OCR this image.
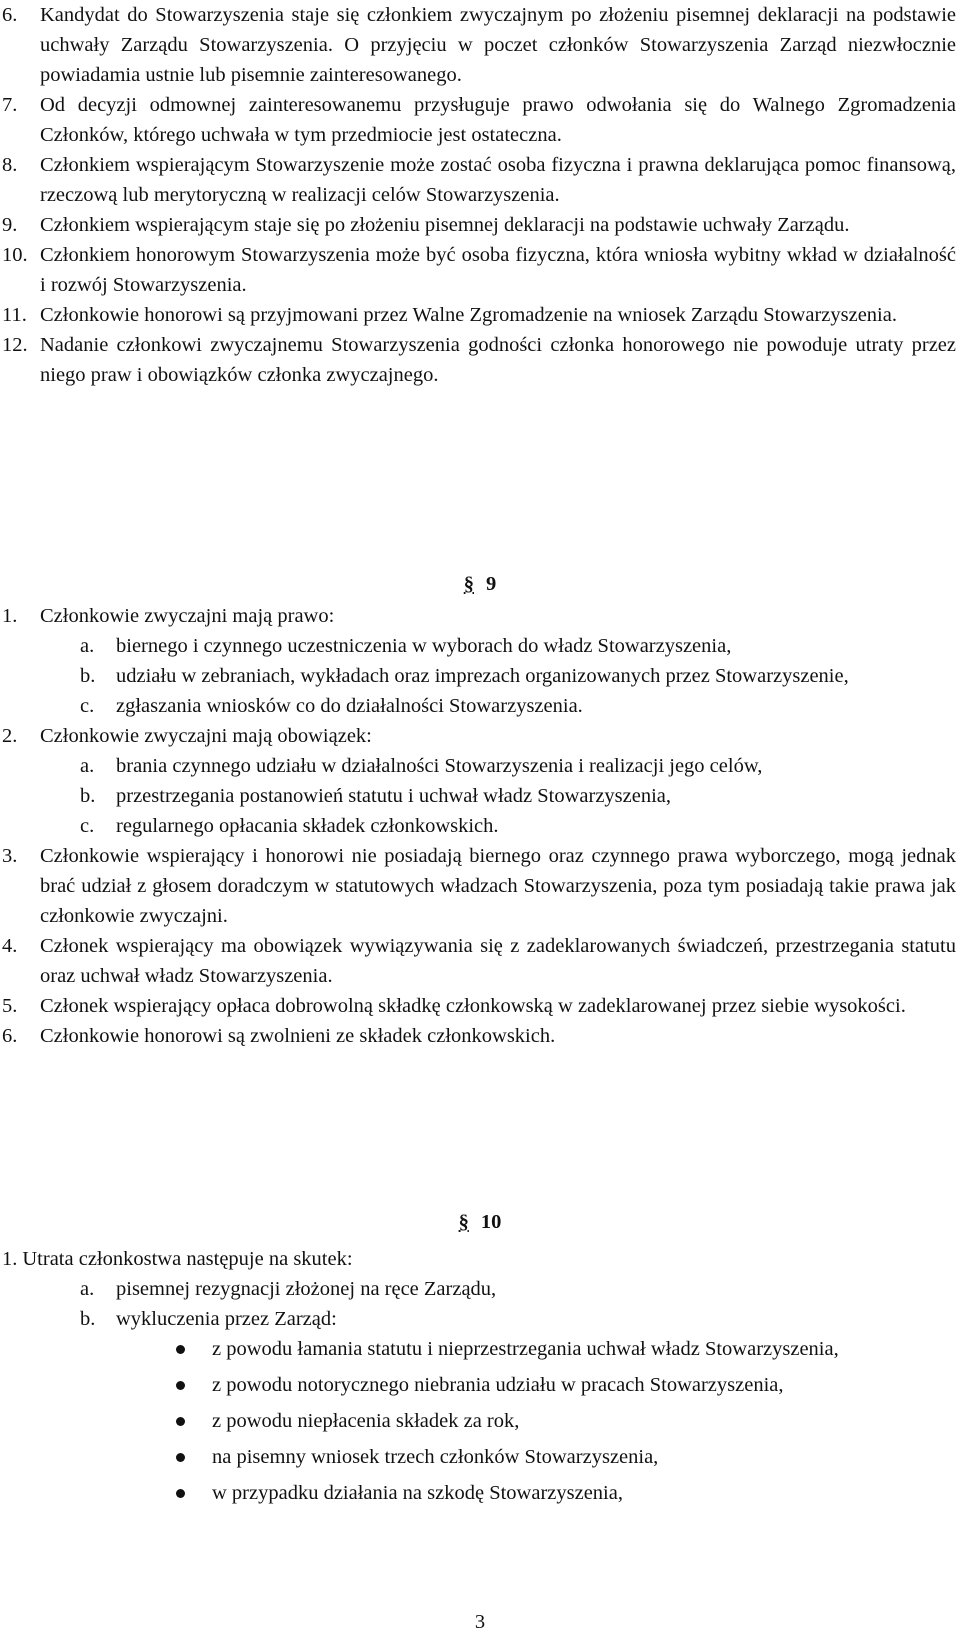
6.	Kandydat do Stowarzyszenia staje się członkiem zwyczajnym po złożeniu pisemnej deklaracji na podstawie uchwały Zarządu Stowarzyszenia. O przyjęciu w poczet członków Stowarzyszenia Zarząd niezwłocznie powiadamia ustnie lub pisemnie zainteresowanego.
7.	Od decyzji odmownej zainteresowanemu przysługuje prawo odwołania się do Walnego Zgromadzenia Członków, którego uchwała w tym przedmiocie jest ostateczna.
8.	Członkiem wspierającym Stowarzyszenie może zostać osoba fizyczna i prawna deklarująca pomoc finansową, rzeczową lub merytoryczną w realizacji celów Stowarzyszenia.
9.	Członkiem wspierającym staje się po złożeniu pisemnej deklaracji na podstawie uchwały Zarządu.
10. Członkiem honorowym Stowarzyszenia może być osoba fizyczna, która wniosła wybitny wkład w działalność i rozwój Stowarzyszenia.
11. Członkowie honorowi są przyjmowani przez Walne Zgromadzenie na wniosek Zarządu Stowarzyszenia.
12. Nadanie członkowi zwyczajnemu Stowarzyszenia godności członka honorowego nie powoduje utraty przez niego praw i obowiązków członka zwyczajnego.
§ 9
1.	Członkowie zwyczajni mają prawo:
a.	biernego i czynnego uczestniczenia w wyborach do władz Stowarzyszenia,
b.	udziału w zebraniach, wykładach oraz imprezach organizowanych przez Stowarzyszenie,
c.	zgłaszania wniosków co do działalności Stowarzyszenia.
2.	Członkowie zwyczajni mają obowiązek:
a.	brania czynnego udziału w działalności Stowarzyszenia i realizacji jego celów,
b.	przestrzegania postanowień statutu i uchwał władz Stowarzyszenia,
c.	regularnego opłacania składek członkowskich.
3.	Członkowie wspierający i honorowi nie posiadają biernego oraz czynnego prawa wyborczego, mogą jednak brać udział z głosem doradczym w statutowych władzach Stowarzyszenia, poza tym posiadają takie prawa jak członkowie zwyczajni.
4.	Członek wspierający ma obowiązek wywiązywania się z zadeklarowanych świadczeń, przestrzegania statutu oraz uchwał władz Stowarzyszenia.
5.	Członek wspierający opłaca dobrowolną składkę członkowską w zadeklarowanej przez siebie wysokości.
6.	Członkowie honorowi są zwolnieni ze składek członkowskich.
§ 10
1. Utrata członkostwa następuje na skutek:
a.	pisemnej rezygnacji złożonej na ręce Zarządu,
b.	wykluczenia przez Zarząd:
z powodu łamania statutu i nieprzestrzegania uchwał władz Stowarzyszenia,
z powodu notorycznego niebrania udziału w pracach Stowarzyszenia,
z powodu niepłacenia składek za rok,
na pisemny wniosek trzech członków Stowarzyszenia,
w przypadku działania na szkodę Stowarzyszenia,
3
